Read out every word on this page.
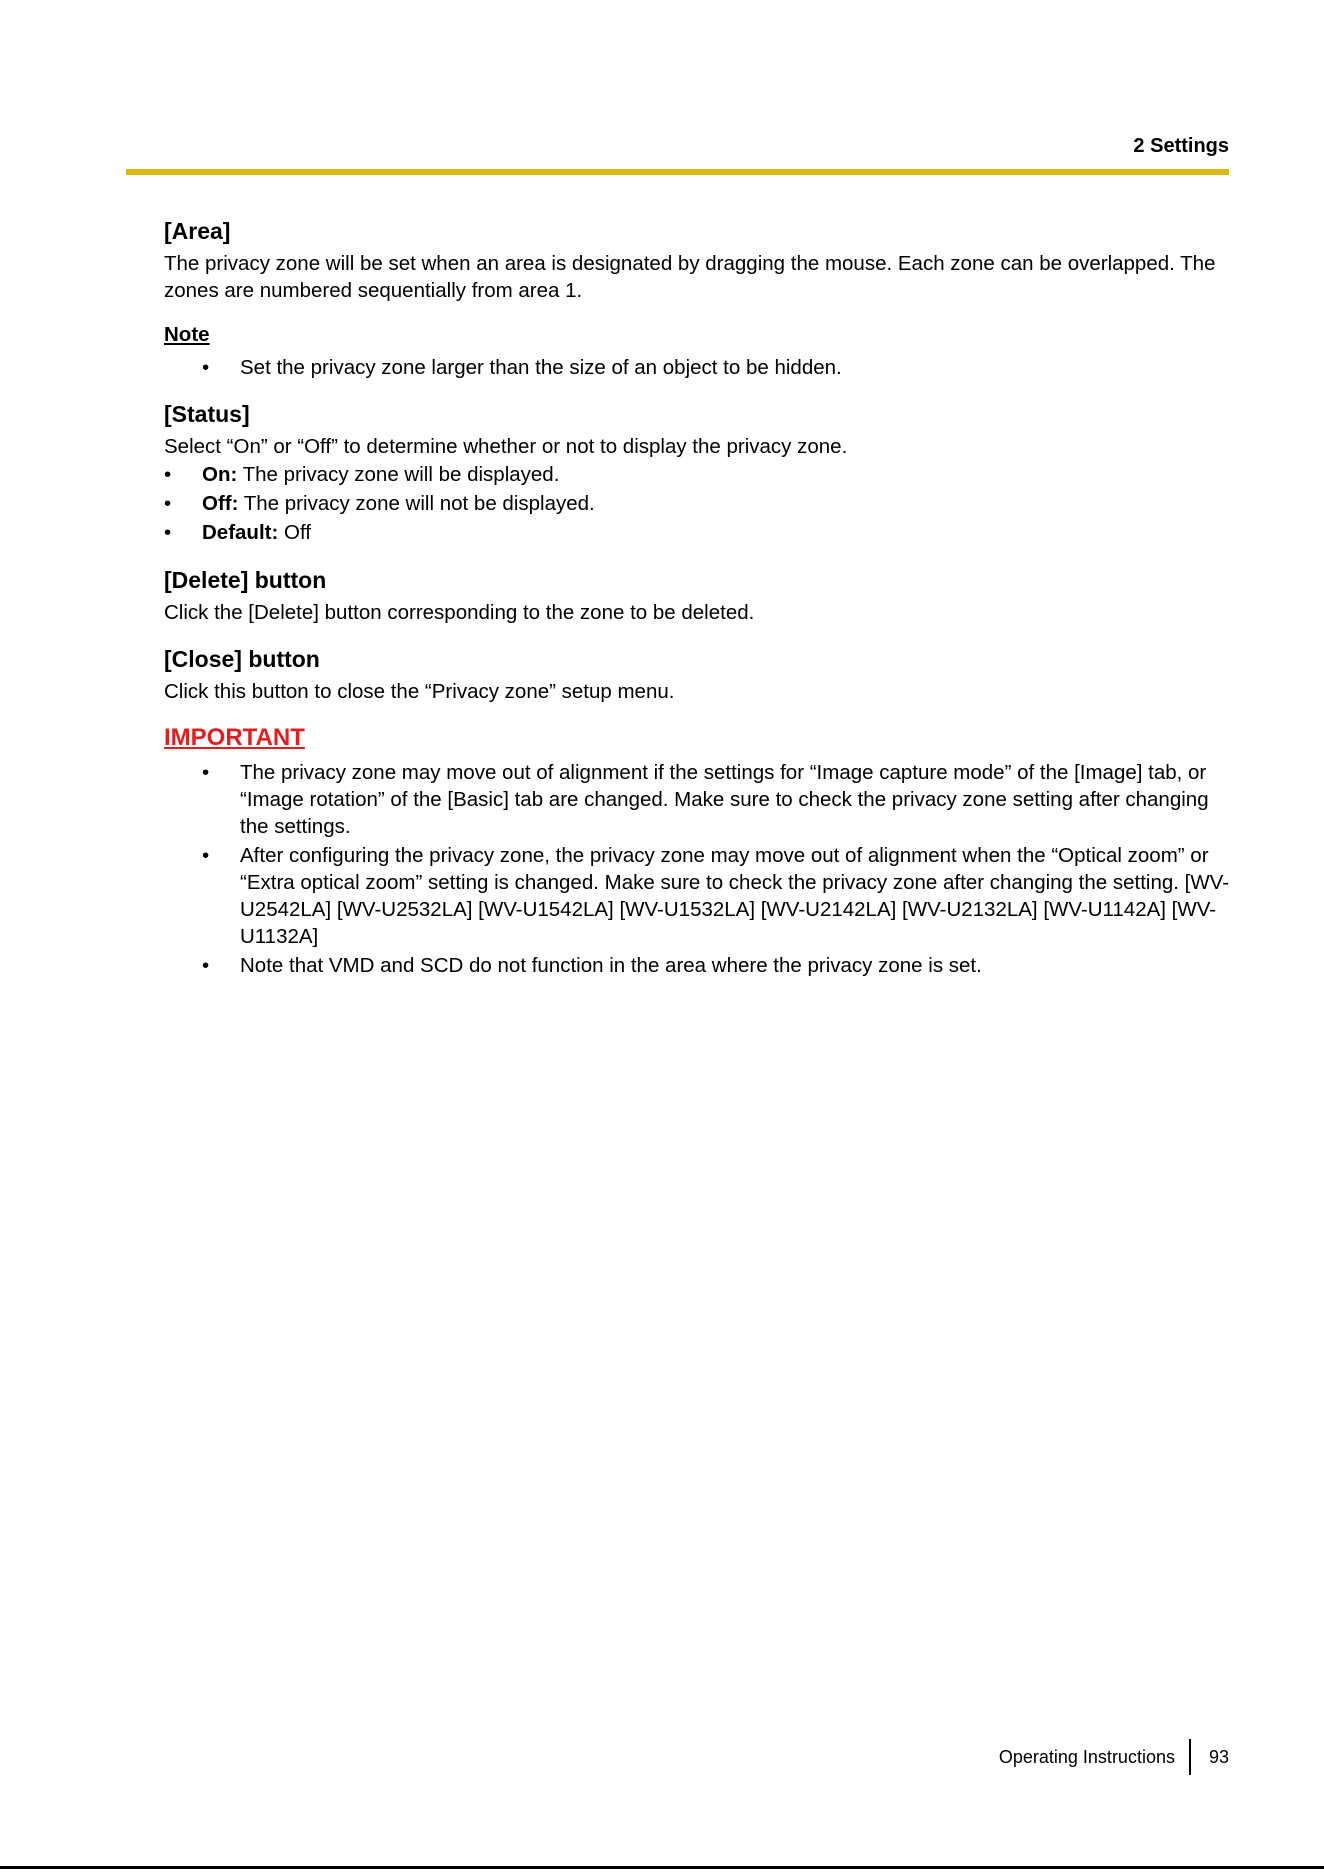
2 Settings
[Area]

The privacy zone will be set when an area is designated by dragging the mouse. Each zone can be overlapped. The zones are numbered sequentially from area 1.

Note
• Set the privacy zone larger than the size of an object to be hidden.
[Status]

Select “On” or “Off” to determine whether or not to display the privacy zone.

• On: The privacy zone will be displayed.
• Off: The privacy zone will not be displayed.
• Default: Off
[Delete] button

Click the [Delete] button corresponding to the zone to be deleted.

[Close] button

Click this button to close the “Privacy zone” setup menu.

IMPORTANT
• The privacy zone may move out of alignment if the settings for “Image capture mode” of the [Image] tab, or “Image rotation” of the [Basic] tab are changed. Make sure to check the privacy zone setting after changing the settings.
• After configuring the privacy zone, the privacy zone may move out of alignment when the “Optical zoom” or “Extra optical zoom” setting is changed. Make sure to check the privacy zone after changing the setting. [WV-U2542LA] [WV-U2532LA] [WV-U1542LA] [WV-U1532LA] [WV-U2142LA] [WV-U2132LA] [WV-U1142A] [WV-U1132A]
• Note that VMD and SCD do not function in the area where the privacy zone is set.
Operating Instructions 93
